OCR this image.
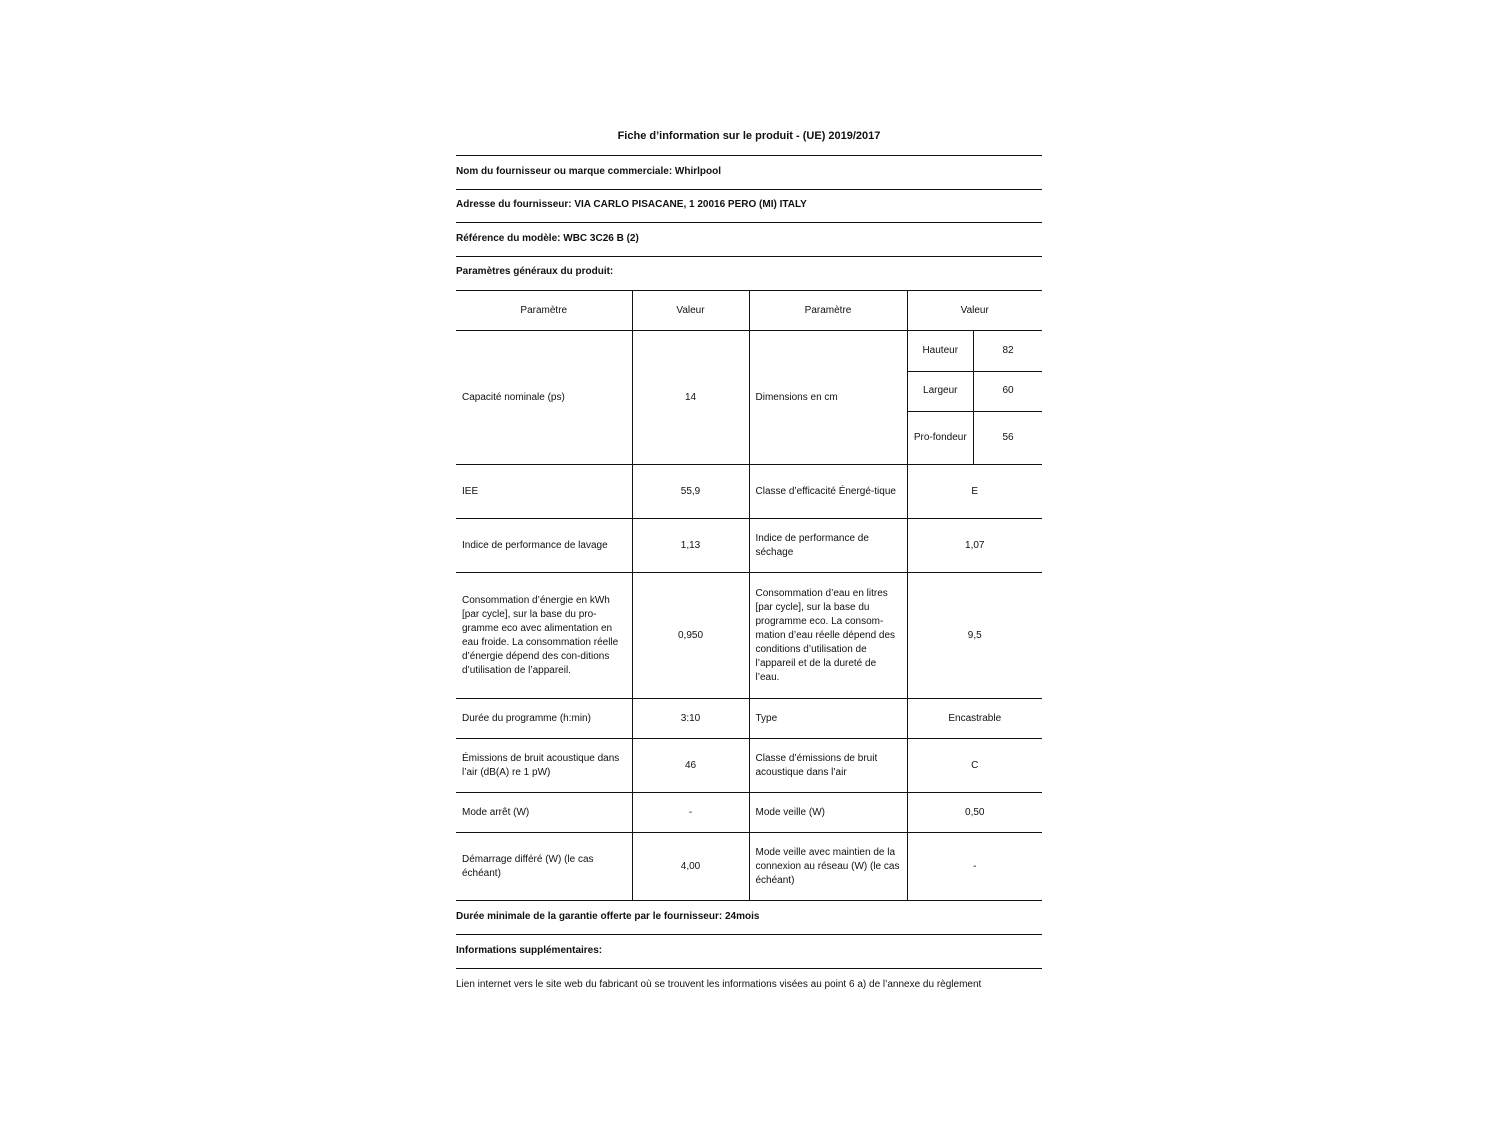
Fiche d’information sur le produit - (UE) 2019/2017
Nom du fournisseur ou marque commerciale: Whirlpool
Adresse du fournisseur: VIA CARLO PISACANE, 1 20016 PERO (MI) ITALY
Référence du modèle: WBC 3C26 B (2)
Paramètres généraux du produit:
Paramètre	Valeur	Paramètre	Valeur
Capacité nominale (ps)	14	Dimensions en cm	
Hauteur	82
Largeur	60
Pro-fondeur	56

IEE	55,9	Classe d’efficacité Énergé-tique	E
Indice de performance de lavage	1,13	Indice de performance de séchage	1,07
Consommation d’énergie en kWh [par cycle], sur la base du pro-gramme eco avec alimentation en eau froide. La consommation réelle d’énergie dépend des con-ditions d’utilisation de l’appareil.	0,950	Consommation d’eau en litres [par cycle], sur la base du programme eco. La consom-mation d’eau réelle dépend des conditions d’utilisation de l’appareil et de la dureté de l’eau.	9,5
Durée du programme (h:min)	3:10	Type	Encastrable
Émissions de bruit acoustique dans l’air (dB(A) re 1 pW)	46	Classe d’émissions de bruit acoustique dans l’air	C
Mode arrêt (W)	-	Mode veille (W)	0,50
Démarrage différé (W) (le cas échéant)	4,00	Mode veille avec maintien de la connexion au réseau (W) (le cas échéant)	-
Durée minimale de la garantie offerte par le fournisseur: 24mois
Informations supplémentaires:
Lien internet vers le site web du fabricant où se trouvent les informations visées au point 6 a) de l’annexe du règlement
